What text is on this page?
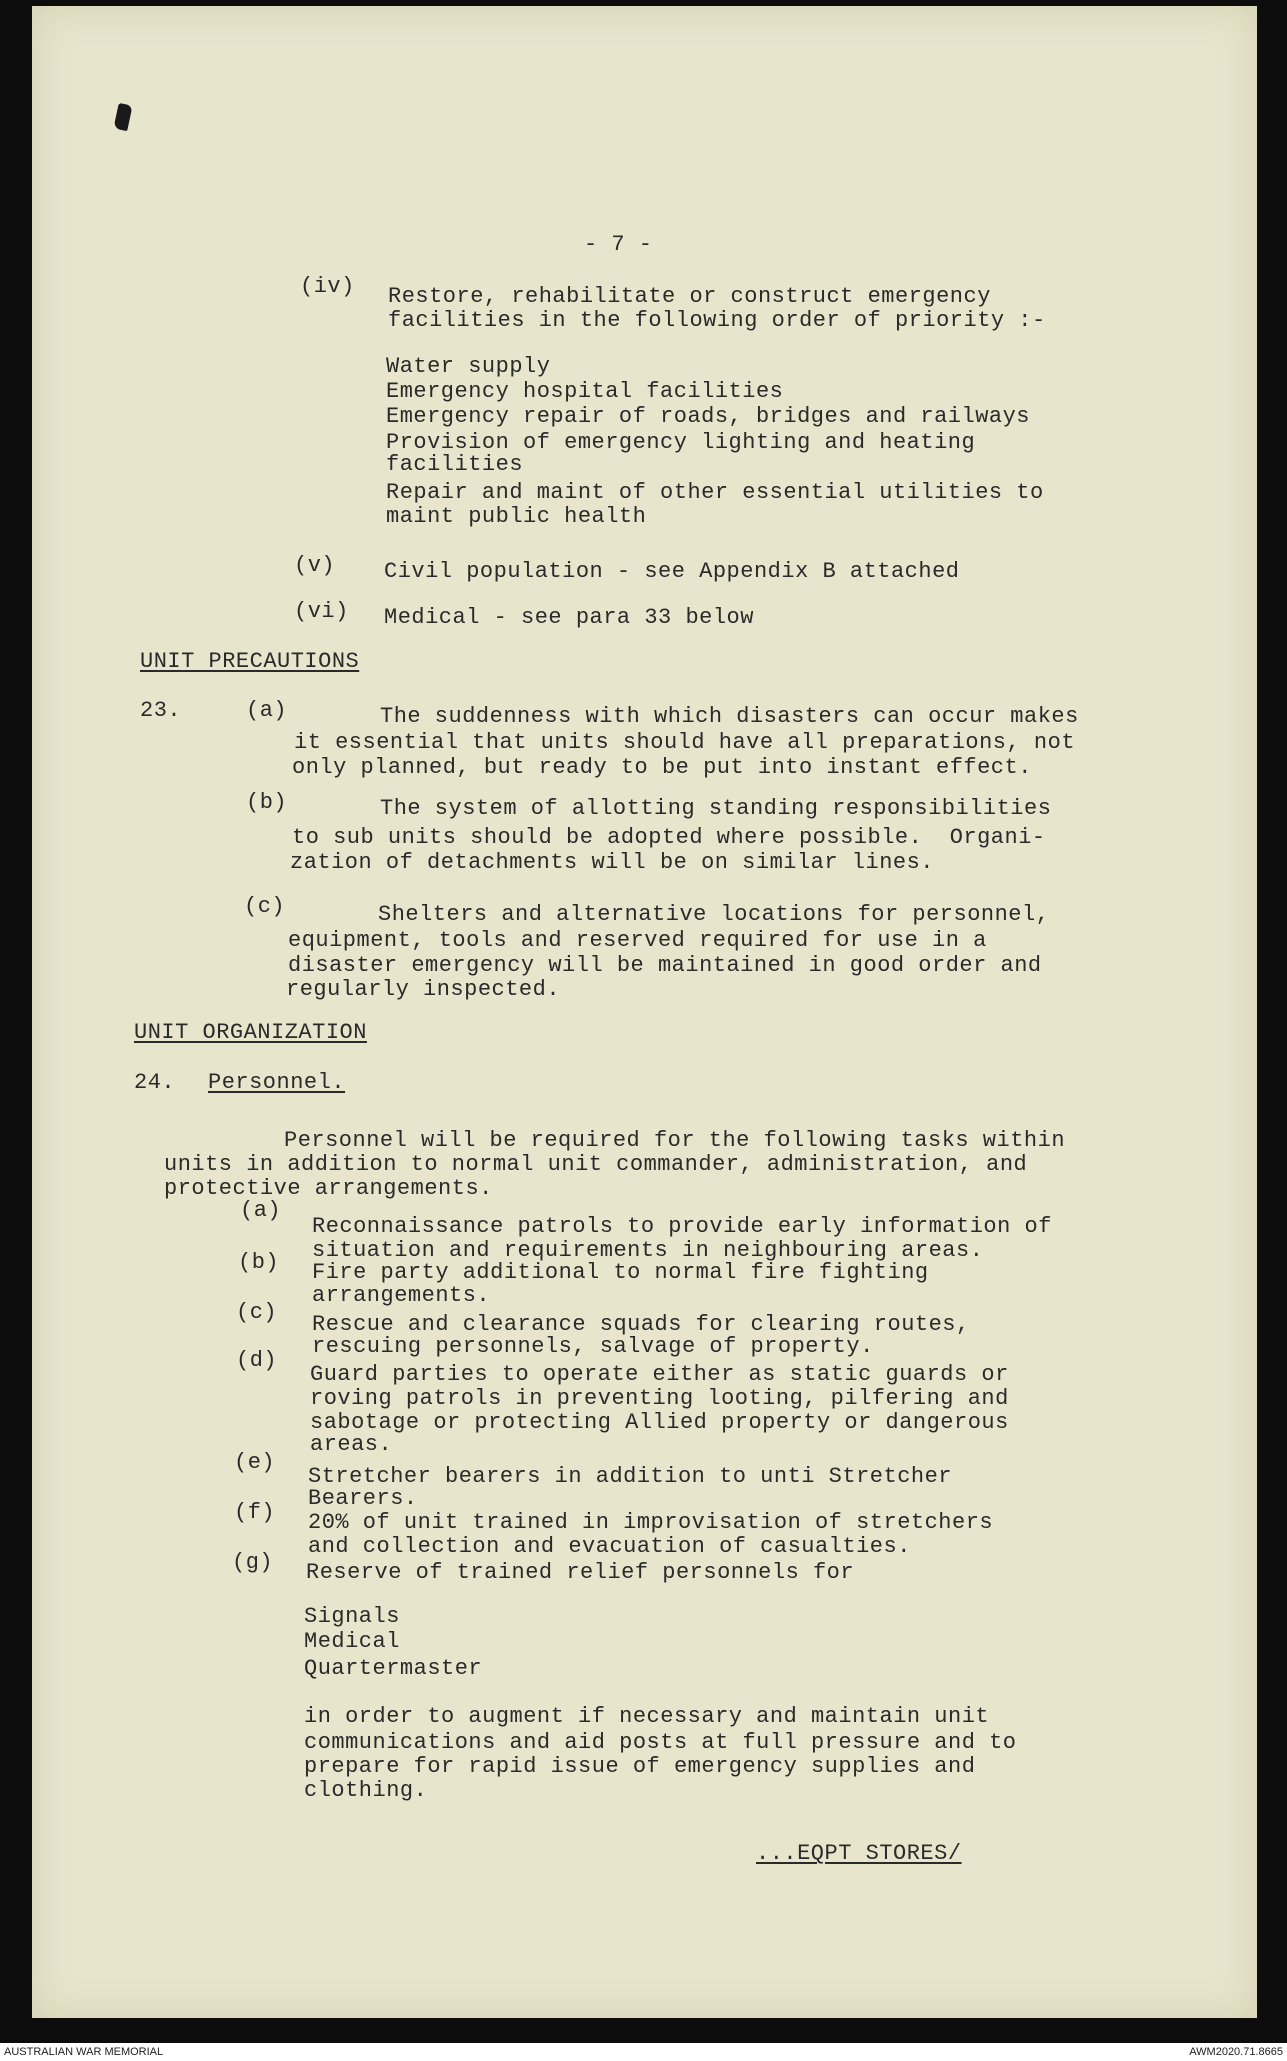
- 7 -
(iv) Restore, rehabilitate or construct emergency
facilities in the following order of priority :-
Water supply
Emergency hospital facilities
Emergency repair of roads, bridges and railways
Provision of emergency lighting and heating
facilities
Repair and maint of other essential utilities to
maint public health
(v) Civil population - see Appendix B attached
(vi) Medical - see para 33 below
UNIT PRECAUTIONS
23.	(a)	The suddenness with which disasters can occur makes
it essential that units should have all preparations, not
only planned, but ready to be put into instant effect.
(b)	The system of allotting standing responsibilities
to sub units should be adopted where possible.  Organi-
zation of detachments will be on similar lines.
(c)	Shelters and alternative locations for personnel,
equipment, tools and reserved required for use in a
disaster emergency will be maintained in good order and
regularly inspected.
UNIT ORGANIZATION
24. Personnel.
Personnel will be required for the following tasks within
units in addition to normal unit commander, administration, and
protective arrangements.
(a)
Reconnaissance patrols to provide early information of
situation and requirements in neighbouring areas.
(b) Fire party additional to normal fire fighting
arrangements.
(c) Rescue and clearance squads for clearing routes,
rescuing personnels, salvage of property.
(d)
Guard parties to operate either as static guards or
roving patrols in preventing looting, pilfering and
sabotage or protecting Allied property or dangerous
areas.
(e)
Stretcher bearers in addition to unti Stretcher
Bearers.
(f) 20% of unit trained in improvisation of stretchers
and collection and evacuation of casualties.
(g) Reserve of trained relief personnels for
Signals
Medical
Quartermaster
in order to augment if necessary and maintain unit
communications and aid posts at full pressure and to
prepare for rapid issue of emergency supplies and
clothing.
...EQPT STORES/
AUSTRALIAN WAR MEMORIAL	AWM2020.71.8665
